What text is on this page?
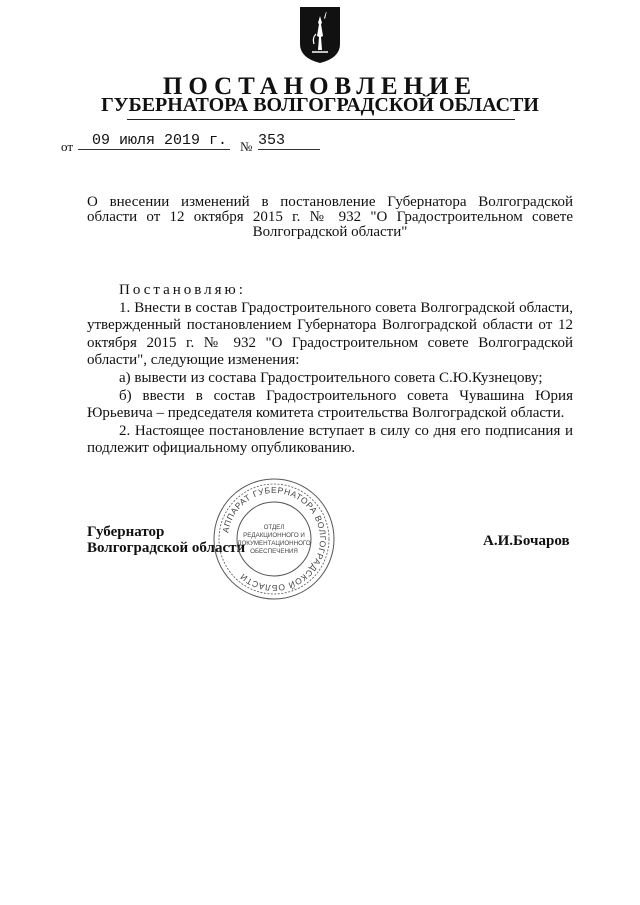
ПОСТАНОВЛЕНИЕ
ГУБЕРНАТОРА ВОЛГОГРАДСКОЙ ОБЛАСТИ
от	09 июля 2019 г. № 353
О внесении изменений в постановление Губернатора Волгоградской
области от 12 октября 2015 г. № 932 "О Градостроительном совете
Волгоградской области"
Постановляю:
1. Внести в состав Градостроительного совета Волгоградской области, утвержденный постановлением Губернатора Волгоградской области от 12 октября 2015 г. № 932 "О Градостроительном совете Волгоградской области", следующие изменения:
а) вывести из состава Градостроительного совета С.Ю.Кузнецову;
б) ввести в состав Градостроительного совета Чувашина Юрия Юрьевича – председателя комитета строительства Волгоградской области.
2. Настоящее постановление вступает в силу со дня его подписания и подлежит официальному опубликованию.
Губернатор
Волгоградской области	А.И.Бочаров
АППАРАТ ГУБЕРНАТОРА ВОЛГОГРАДСКОЙ ОБЛАСТИ
ОТДЕЛ
РЕДАКЦИОННОГО И
ДОКУМЕНТАЦИОННОГО
ОБЕСПЕЧЕНИЯ
